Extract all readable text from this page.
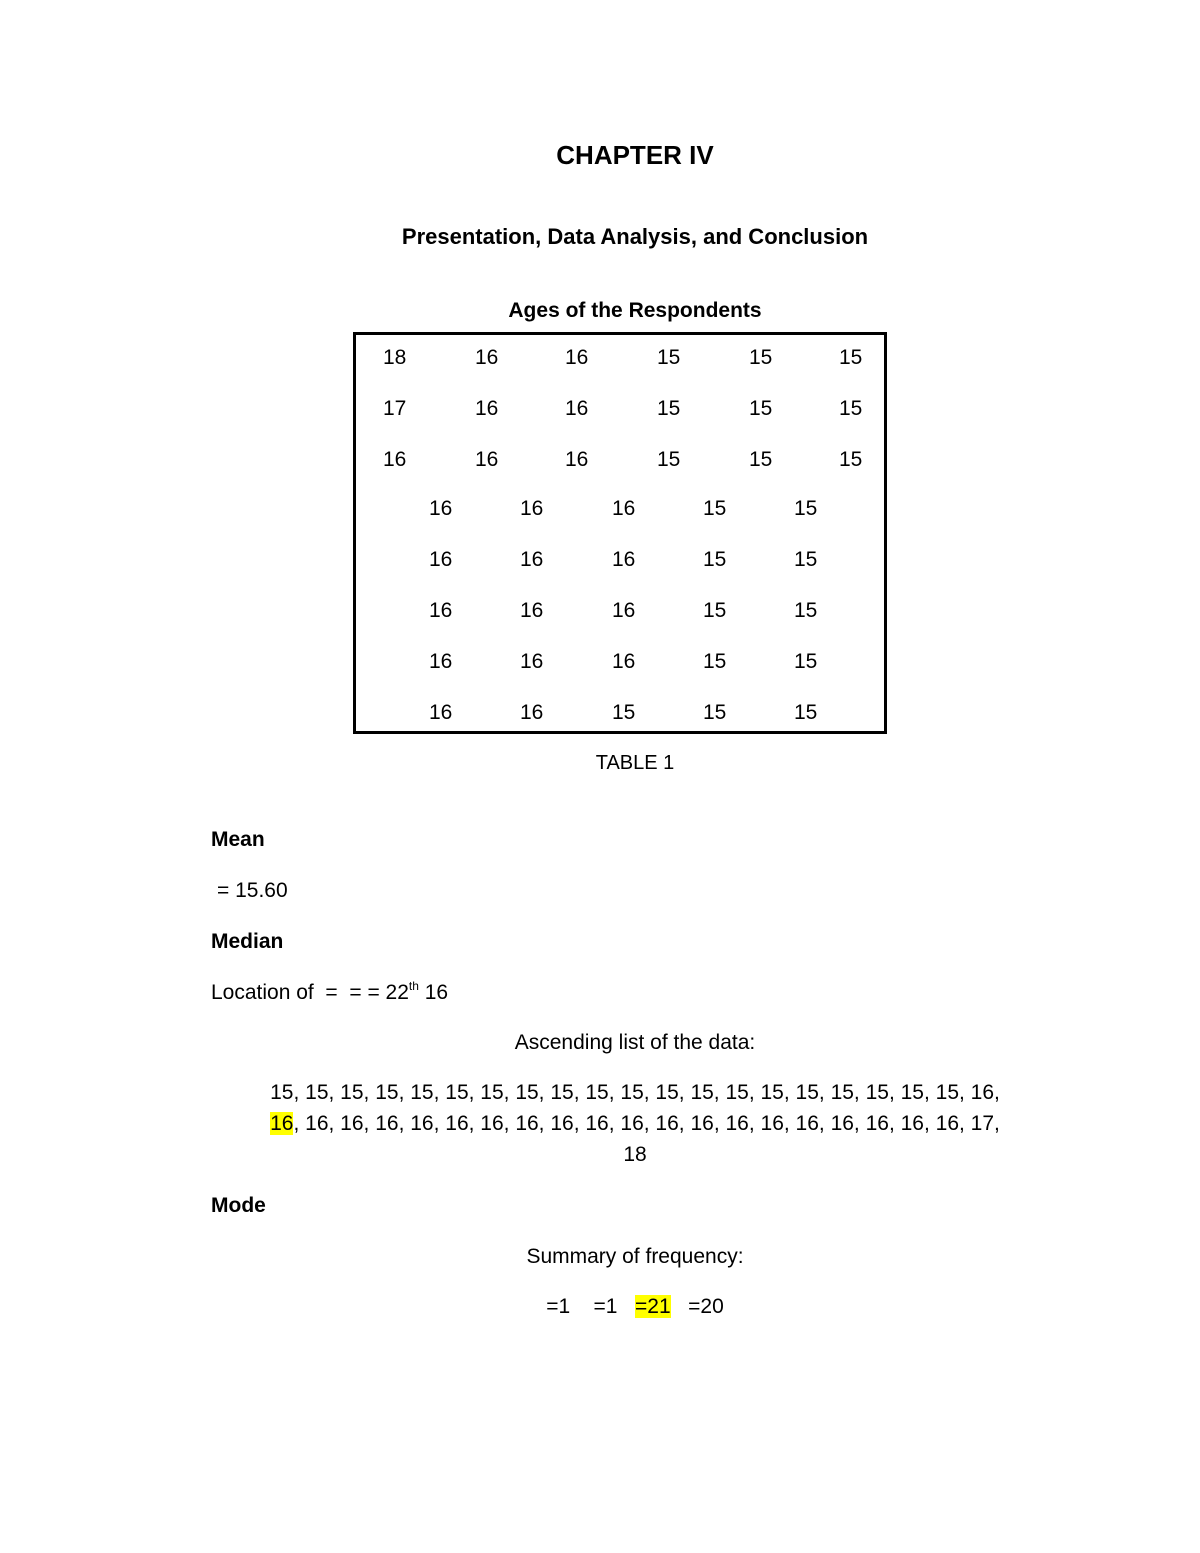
CHAPTER IV
Presentation, Data Analysis, and Conclusion
Ages of the Respondents
18	16	16	15	15	15
17	16	16	15	15	15
16	16	16	15	15	15
16	16	16	15	15
16	16	16	15	15
16	16	16	15	15
16	16	16	15	15
16	16	15	15	15
TABLE 1
Mean
= 15.60
Median
Location of  =  = = 22th 16
Ascending list of the data:
15, 15, 15, 15, 15, 15, 15, 15, 15, 15, 15, 15, 15, 15, 15, 15, 15, 15, 15, 15, 16,
16, 16, 16, 16, 16, 16, 16, 16, 16, 16, 16, 16, 16, 16, 16, 16, 16, 16, 16, 16, 17,
18
Mode
Summary of frequency:
=1 =1 =21 =20
